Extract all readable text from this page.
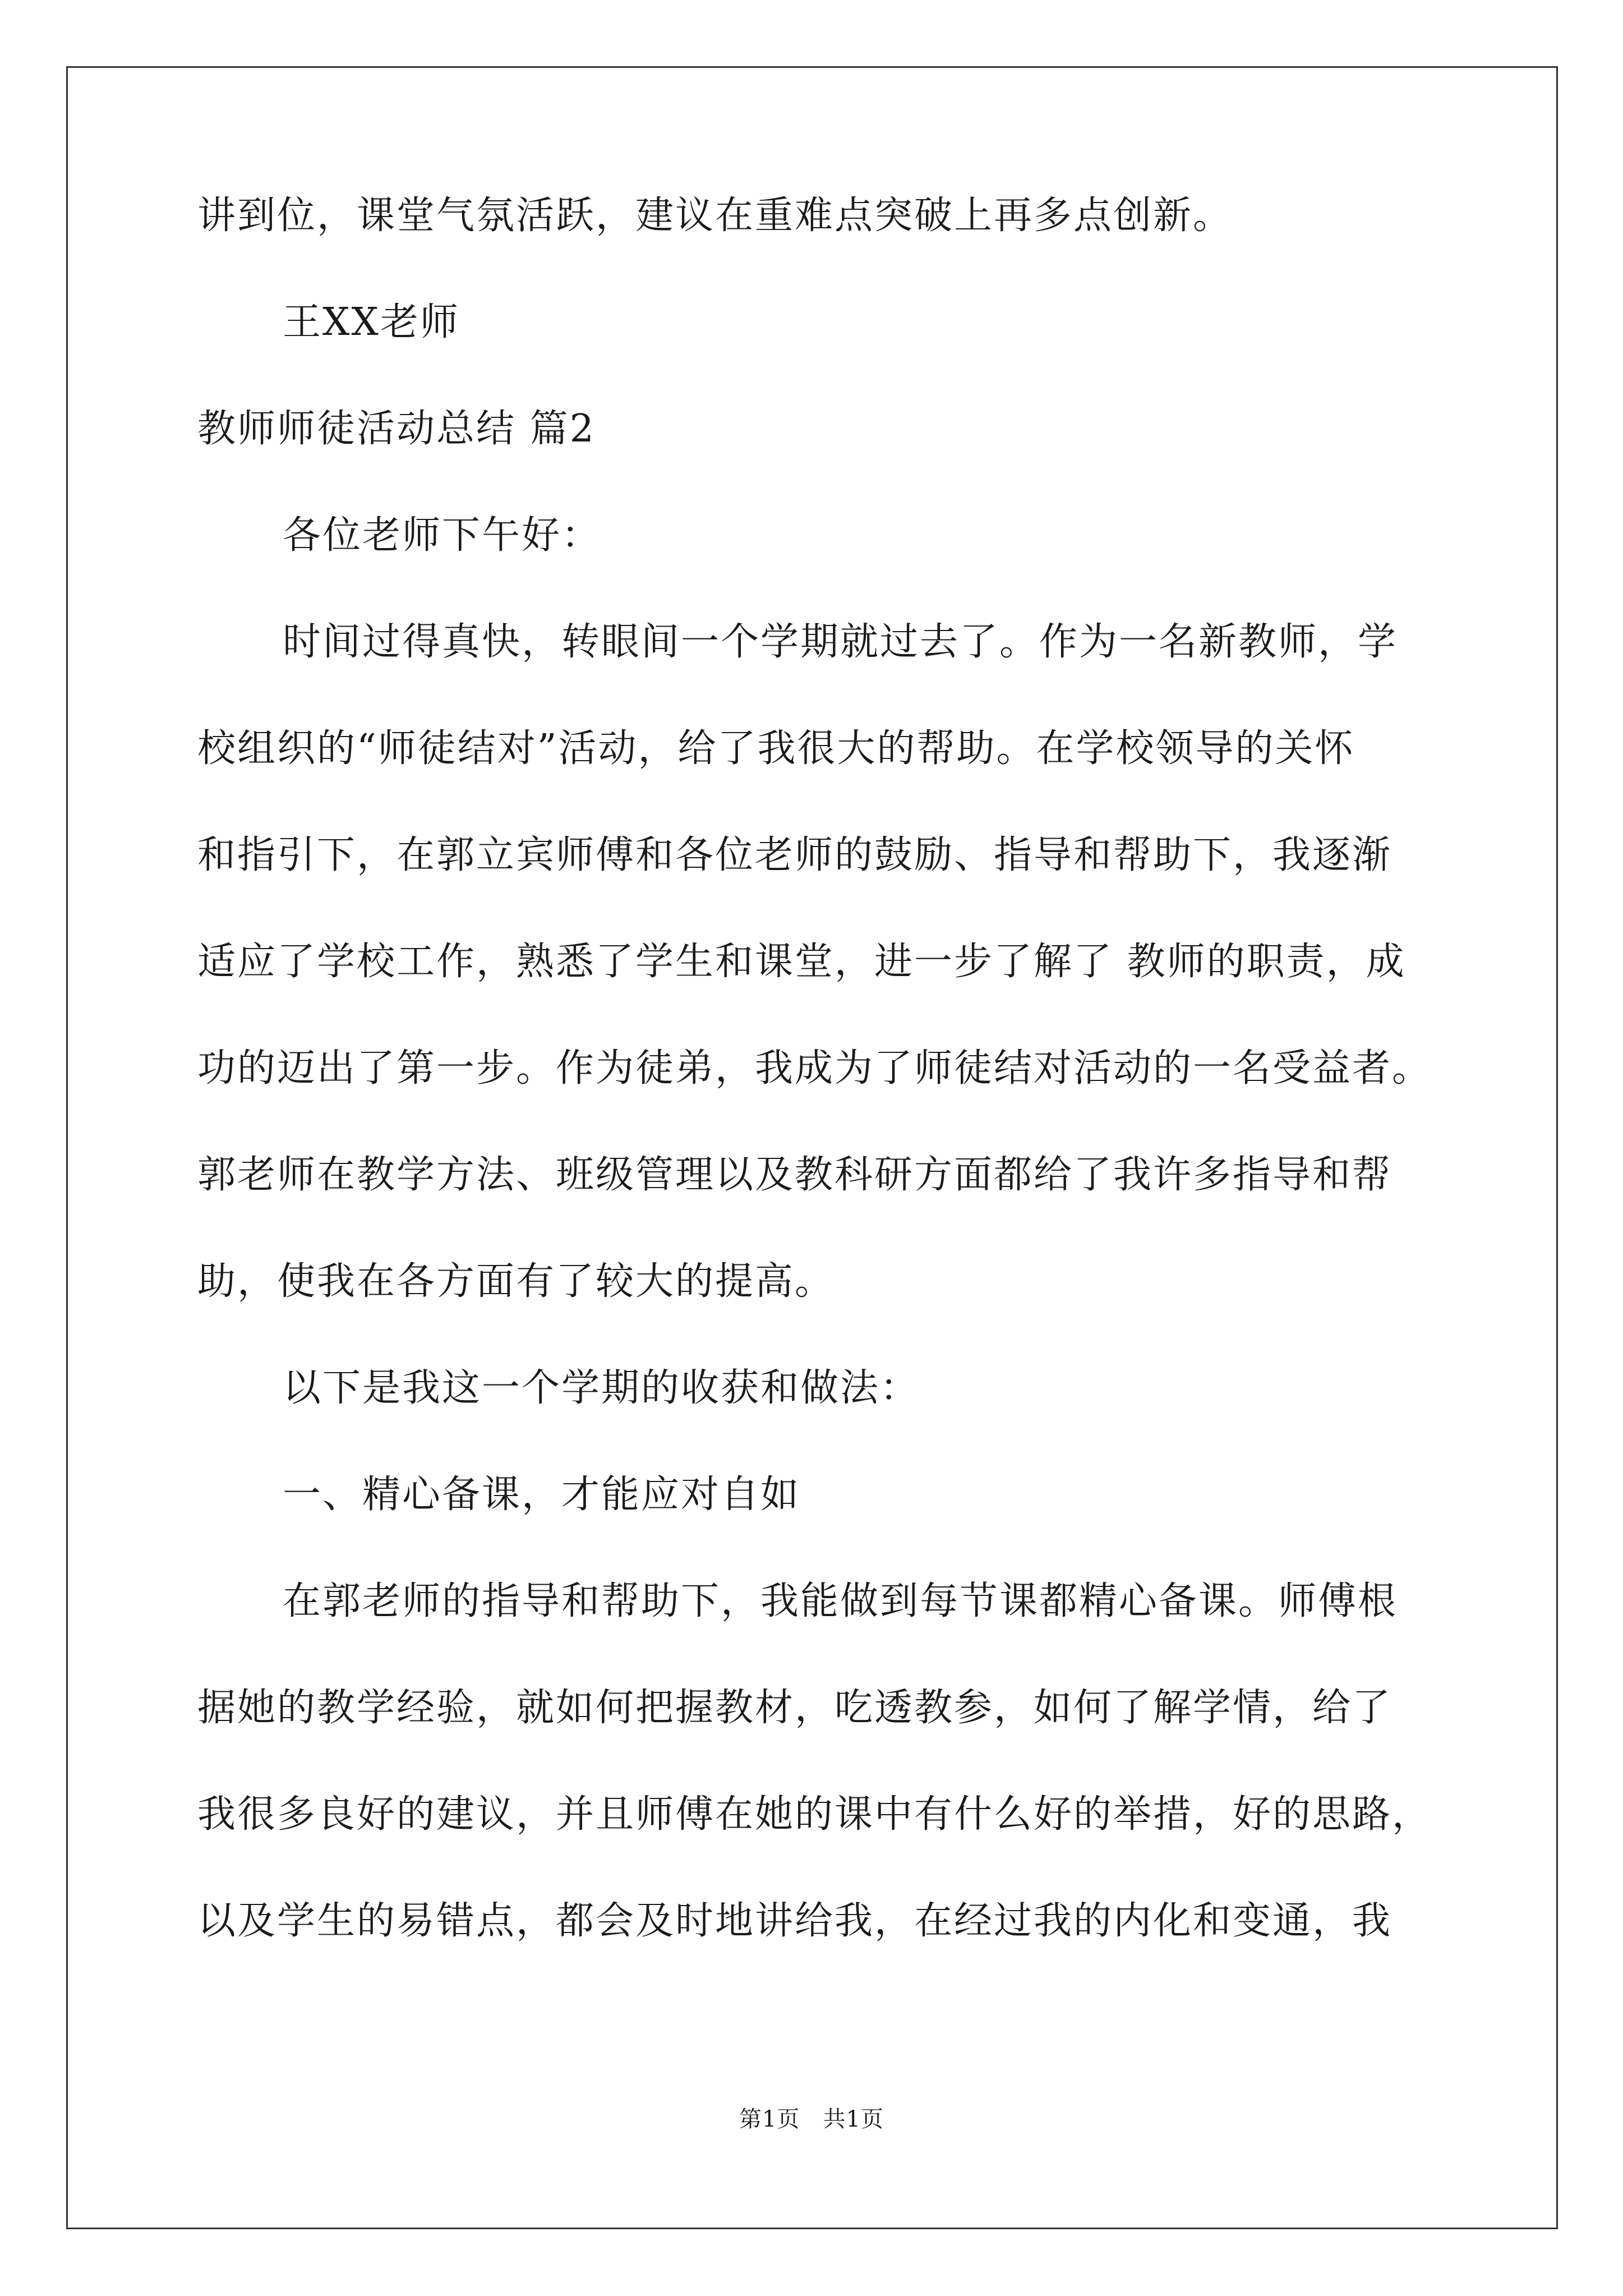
讲到位，课堂气氛活跃，建议在重难点突破上再多点创新。
王XX老师
教师师徒活动总结 篇2
各位老师下午好：
时间过得真快，转眼间一个学期就过去了。作为一名新教师，学
校组织的“师徒结对”活动，给了我很大的帮助。在学校领导的关怀
和指引下，在郭立宾师傅和各位老师的鼓励、指导和帮助下，我逐渐
适应了学校工作，熟悉了学生和课堂，进一步了解了 教师的职责，成
功的迈出了第一步。作为徒弟，我成为了师徒结对活动的一名受益者。
郭老师在教学方法、班级管理以及教科研方面都给了我许多指导和帮
助，使我在各方面有了较大的提高。
以下是我这一个学期的收获和做法：
一、精心备课，才能应对自如
在郭老师的指导和帮助下，我能做到每节课都精心备课。师傅根
据她的教学经验，就如何把握教材，吃透教参，如何了解学情，给了
我很多良好的建议，并且师傅在她的课中有什么好的举措，好的思路，
以及学生的易错点，都会及时地讲给我，在经过我的内化和变通，我
第1页　共1页
